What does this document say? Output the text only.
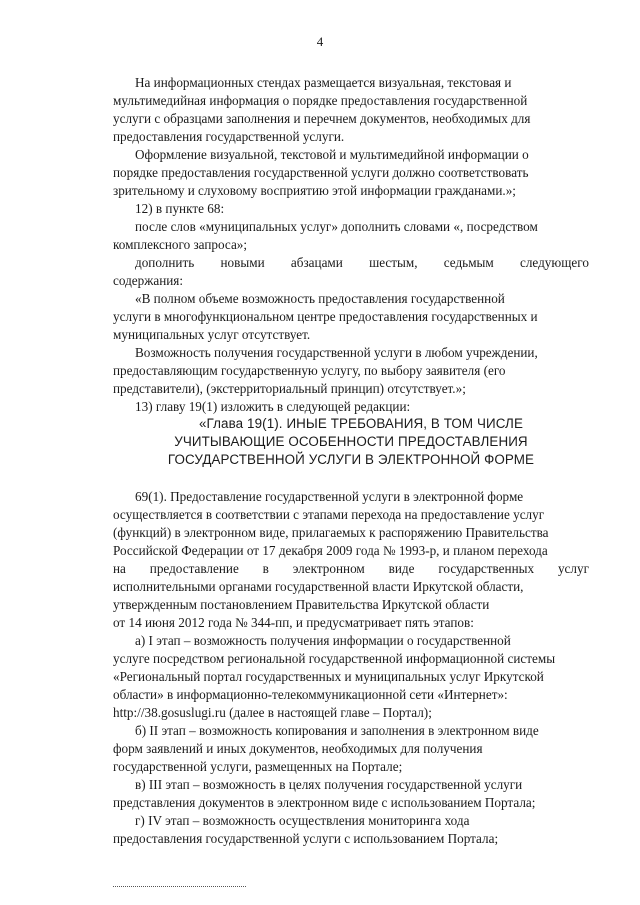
4
На информационных стендах размещается визуальная, текстовая и
мультимедийная информация о порядке предоставления государственной
услуги с образцами заполнения и перечнем документов, необходимых для
предоставления государственной услуги.
Оформление визуальной, текстовой и мультимедийной информации о
порядке предоставления государственной услуги должно соответствовать
зрительному и слуховому восприятию этой информации гражданами.»;
12) в пункте 68:
после слов «муниципальных услуг» дополнить словами «, посредством
комплексного запроса»;
дополнить новыми абзацами шестым, седьмым следующего
содержания:
«В полном объеме возможность предоставления государственной
услуги в многофункциональном центре предоставления государственных и
муниципальных услуг отсутствует.
Возможность получения государственной услуги в любом учреждении,
предоставляющим государственную услугу, по выбору заявителя (его
представители), (экстерриториальный принцип) отсутствует.»;
13) главу 19(1) изложить в следующей редакции:
«Глава 19(1). ИНЫЕ ТРЕБОВАНИЯ, В ТОМ ЧИСЛЕ
УЧИТЫВАЮЩИЕ ОСОБЕННОСТИ ПРЕДОСТАВЛЕНИЯ
ГОСУДАРСТВЕННОЙ УСЛУГИ В ЭЛЕКТРОННОЙ ФОРМЕ
69(1). Предоставление государственной услуги в электронной форме
осуществляется в соответствии с этапами перехода на предоставление услуг
(функций) в электронном виде, прилагаемых к распоряжению Правительства
Российской Федерации от 17 декабря 2009 года № 1993-р, и планом перехода
на предоставление в электронном виде государственных услуг
исполнительными органами государственной власти Иркутской области,
утвержденным постановлением Правительства Иркутской области
от 14 июня 2012 года № 344-пп, и предусматривает пять этапов:
а) I этап – возможность получения информации о государственной
услуге посредством региональной государственной информационной системы
«Региональный портал государственных и муниципальных услуг Иркутской
области» в информационно-телекоммуникационной сети «Интернет»:
http://38.gosuslugi.ru (далее в настоящей главе – Портал);
б) II этап – возможность копирования и заполнения в электронном виде
форм заявлений и иных документов, необходимых для получения
государственной услуги, размещенных на Портале;
в) III этап – возможность в целях получения государственной услуги
представления документов в электронном виде с использованием Портала;
г) IV этап – возможность осуществления мониторинга хода
предоставления государственной услуги с использованием Портала;
